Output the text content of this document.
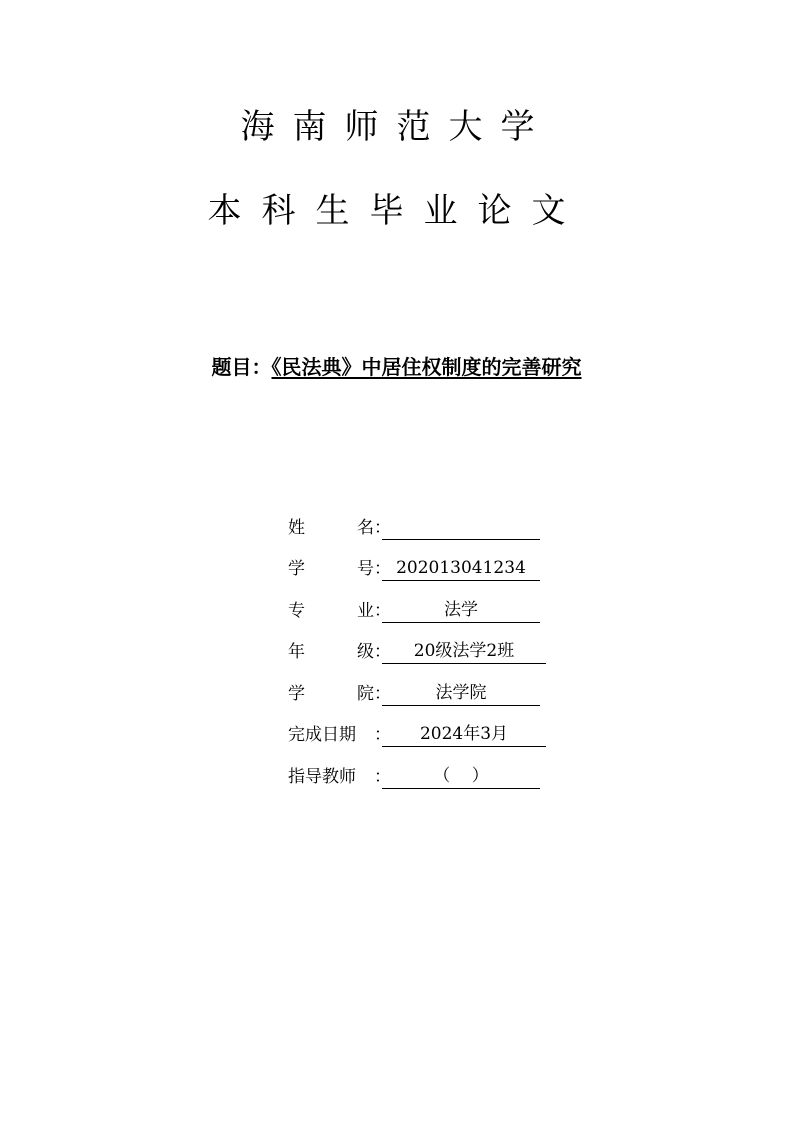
海南师范大学
本科生毕业论文
题目：《民法典》中居住权制度的完善研究
姓	名 ：
学	号 ： 202013041234
专	业 ：	法学
年	级 ：	20级法学2班
学	院 ：	法学院
完成日期 ：	2024年3月
指导教师 ：	（    ）
